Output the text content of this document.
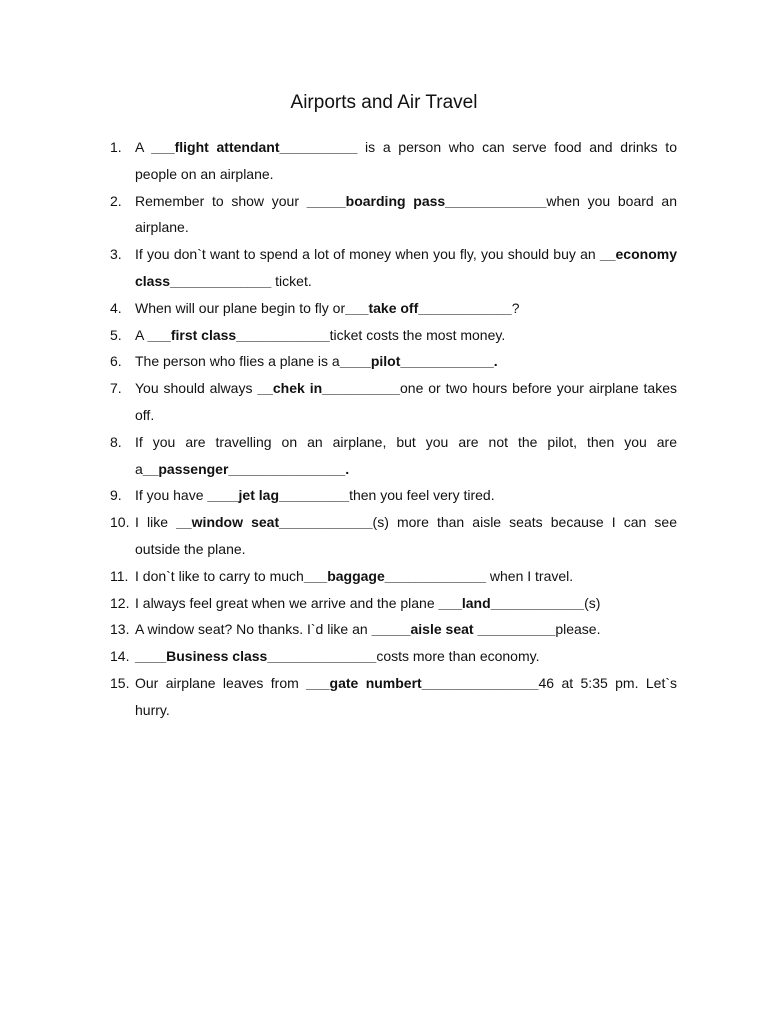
Airports and Air Travel
1. A ___flight attendant__________ is a person who can serve food and drinks to people on an airplane.
2. Remember to show your _____boarding pass_____________when you board an airplane.
3. If you don`t want to spend a lot of money when you fly, you should buy an __economy class_____________ ticket.
4. When will our plane begin to fly or___take off____________?
5. A ___first class____________ticket costs the most money.
6. The person who flies a plane is a____pilot____________.
7. You should always __chek in__________one or two hours before your airplane takes off.
8. If you are travelling on an airplane, but you are not the pilot, then you are a__passenger_______________.
9. If you have ____jet lag_________then you feel very tired.
10. I like __window seat____________(s) more than aisle seats because I can see outside the plane.
11. I don`t like to carry to much___baggage_____________ when I travel.
12. I always feel great when we arrive and the plane ___land____________(s)
13. A window seat? No thanks. I`d like an _____aisle seat __________please.
14. ____Business class______________costs more than economy.
15. Our airplane leaves from ___gate numbert_______________46 at 5:35 pm. Let`s hurry.
